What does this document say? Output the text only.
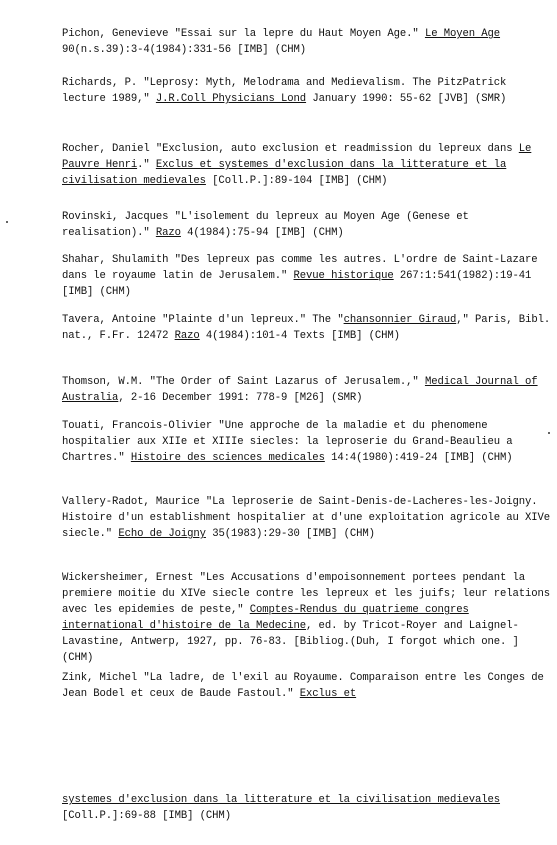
Pichon, Genevieve "Essai sur la lepre du Haut Moyen Age." Le Moyen Age 90(n.s.39):3-4(1984):331-56 [IMB] (CHM)

Richards, P. "Leprosy: Myth, Melodrama and Medievalism. The PitzPatrick lecture 1989," J.R.Coll Physicians Lond January 1990: 55-62 [JVB] (SMR)

Rocher, Daniel "Exclusion, auto exclusion et readmission du lepreux dans Le Pauvre Henri." Exclus et systemes d'exclusion dans la litterature et la civilisation medievales [Coll.P.]:89-104 [IMB] (CHM)

Rovinski, Jacques "L'isolement du lepreux au Moyen Age (Genese et realisation)." Razo 4(1984):75-94 [IMB] (CHM)

Shahar, Shulamith "Des lepreux pas comme les autres. L'ordre de Saint-Lazare dans le royaume latin de Jerusalem." Revue historique 267:1:541(1982):19-41 [IMB] (CHM)

Tavera, Antoine "Plainte d'un lepreux." The "chansonnier Giraud," Paris, Bibl. nat., F.Fr. 12472 Razo 4(1984):101-4 Texts [IMB] (CHM)

Thomson, W.M. "The Order of Saint Lazarus of Jerusalem.," Medical Journal of Australia, 2-16 December 1991: 778-9 [M26] (SMR)

Touati, Francois-Olivier "Une approche de la maladie et du phenomene hospitalier aux XIIe et XIIIe siecles: la leproserie du Grand-Beaulieu a Chartres." Histoire des sciences medicales 14:4(1980):419-24 [IMB] (CHM)

Vallery-Radot, Maurice "La leproserie de Saint-Denis-de-Lacheres-les-Joigny. Histoire d'un establishment hospitalier at d'une exploitation agricole au XIVe siecle." Echo de Joigny 35(1983):29-30 [IMB] (CHM)

Wickersheimer, Ernest "Les Accusations d'empoisonnement portees pendant la premiere moitie du XIVe siecle contre les lepreux et les juifs; leur relations avec les epidemies de peste," Comptes-Rendus du quatrieme congres international d'histoire de la Medecine, ed. by Tricot-Royer and Laignel-Lavastine, Antwerp, 1927, pp. 76-83. [Bibliog.(Duh, I forgot which one. ] (CHM)

Zink, Michel "La ladre, de l'exil au Royaume. Comparaison entre les Conges de Jean Bodel et ceux de Baude Fastoul." Exclus et

systemes d'exclusion dans la litterature et la civilisation medievales [Coll.P.]:69-88 [IMB] (CHM)
